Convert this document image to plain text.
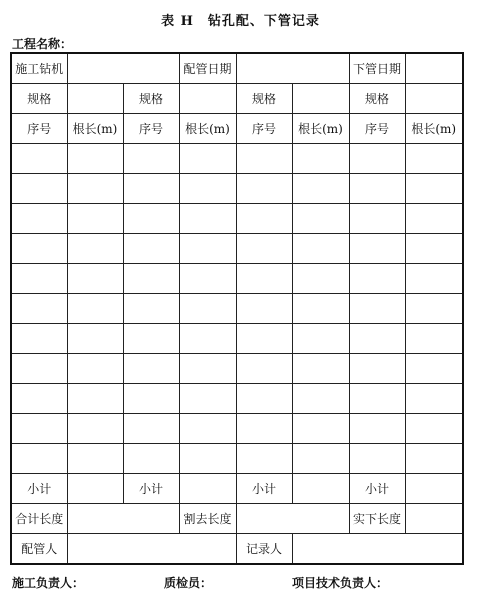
表 H　钻孔配、下管记录
工程名称：
施工钻机			配管日期			下管日期	
规格		规格		规格		规格	
序号	根长(m)	序号	根长(m)	序号	根长(m)	序号	根长(m)

小计		小计		小计		小计	
合计长度			割去长度			实下长度	
配管人				记录人			
施工负责人：	质检员：	项目技术负责人：
